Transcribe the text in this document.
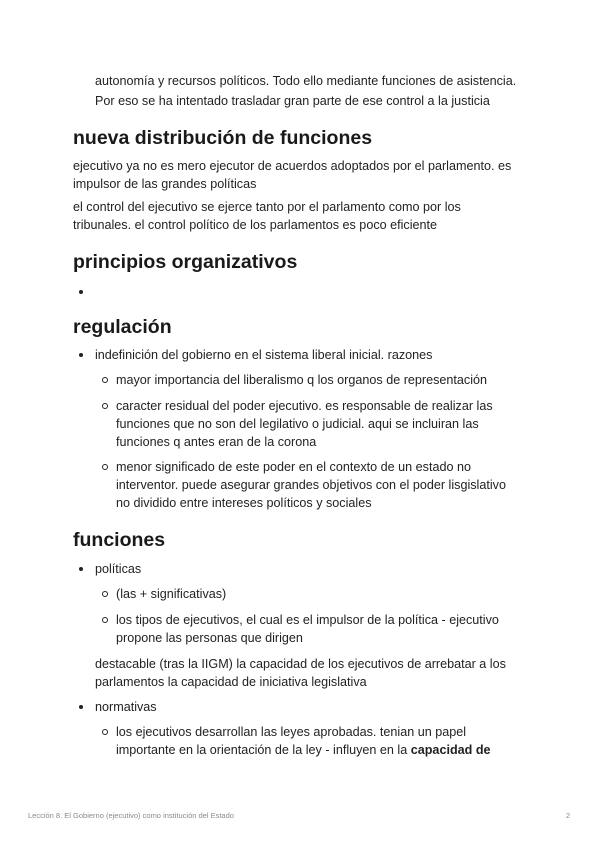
autonomía y recursos políticos. Todo ello mediante funciones de asistencia.

Por eso se ha intentado trasladar gran parte de ese control a la justicia

nueva distribución de funciones

ejecutivo ya no es mero ejecutor de acuerdos adoptados por el parlamento. es

impulsor de las grandes políticas

el control del ejecutivo se ejerce tanto por el parlamento como por los

tribunales. el control político de los parlamentos es poco eficiente

principios organizativos
regulación

indefinición del gobierno en el sistema liberal inicial. razones

mayor importancia del liberalismo q los organos de representación

caracter residual del poder ejecutivo. es responsable de realizar las

funciones que no son del legilativo o judicial. aqui se incluiran las

funciones q antes eran de la corona

menor significado de este poder en el contexto de un estado no

interventor. puede asegurar grandes objetivos con el poder lisgislativo

no dividido entre intereses políticos y sociales

funciones

políticas

(las + significativas)

los tipos de ejecutivos, el cual es el impulsor de la política - ejecutivo

propone las personas que dirigen

destacable (tras la IIGM) la capacidad de los ejecutivos de arrebatar a los

parlamentos la capacidad de iniciativa legislativa

normativas

los ejecutivos desarrollan las leyes aprobadas. tenian un papel

importante en la orientación de la ley - influyen en la capacidad de

Lección 8. El Gobierno (ejecutivo) como institución del Estado	2
